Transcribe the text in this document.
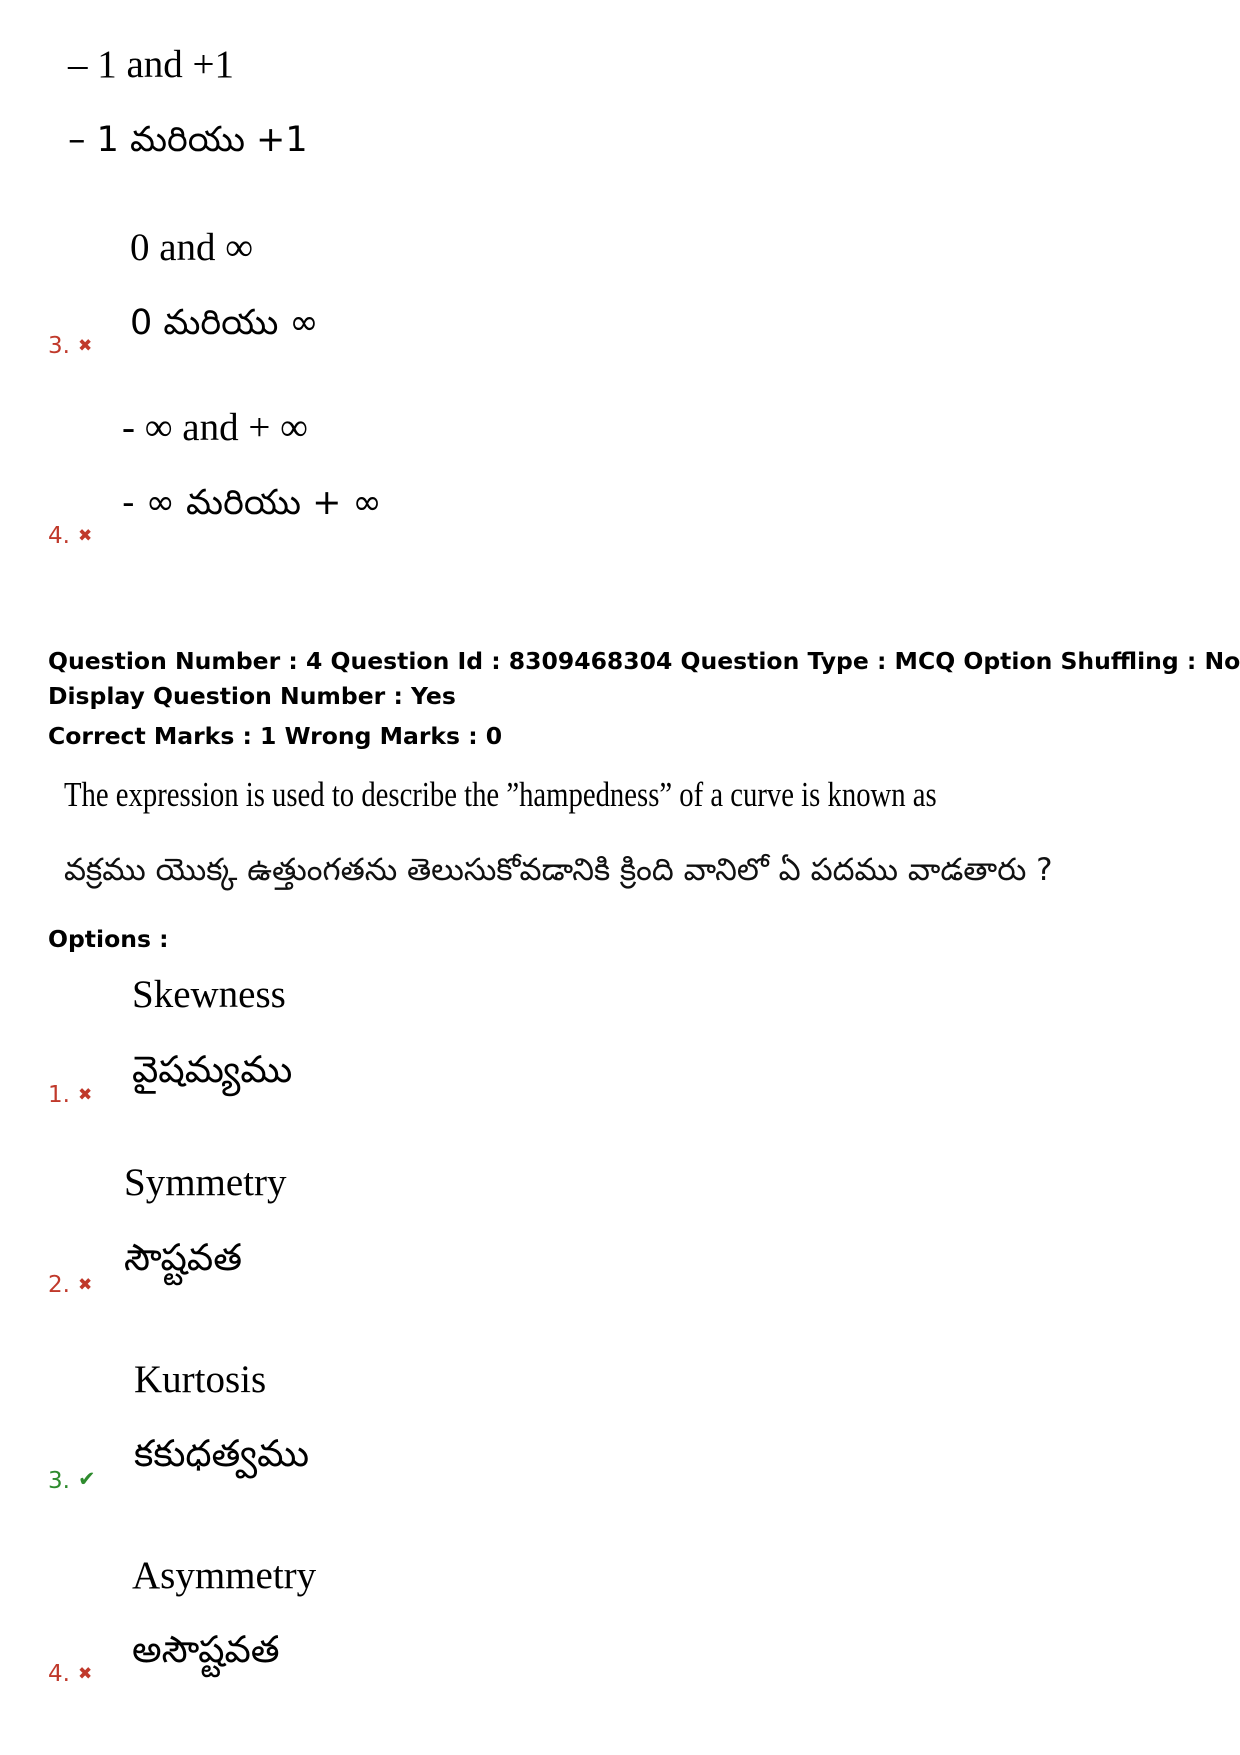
– 1 and +1
– 1 మరియు +1
0 and ∞
0 మరియు ∞
3. ✖
- ∞ and + ∞
- ∞ మరియు + ∞
4. ✖
Question Number : 4 Question Id : 8309468304 Question Type : MCQ Option Shuffling : No
Display Question Number : Yes
Correct Marks : 1 Wrong Marks : 0
The expression is used to describe the ”hampedness” of a curve is known as
వక్రము యొక్క ఉత్తుంగతను తెలుసుకోవడానికి క్రింది వానిలో ఏ పదము వాడతారు ?
Options :
Skewness
వైషమ్యము
1. ✖
Symmetry
సౌష్టవత
2. ✖
Kurtosis
కకుధత్వము
3. ✔
Asymmetry
అసౌష్టవత
4. ✖
